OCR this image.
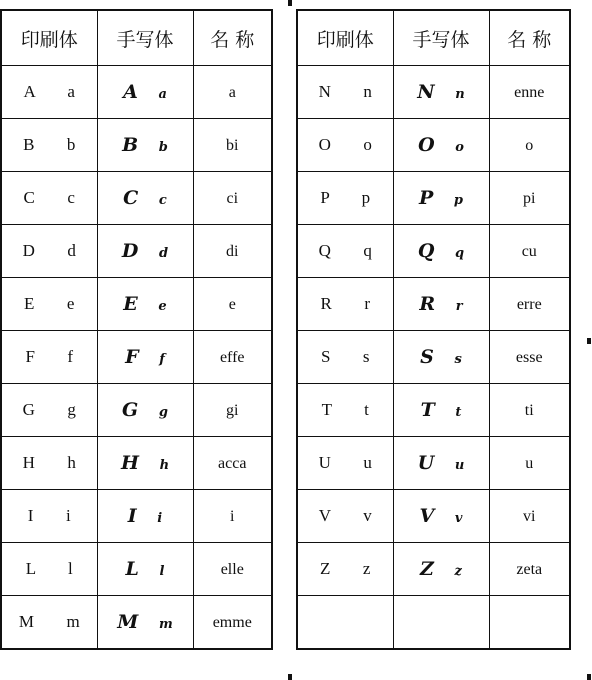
印刷体	手写体	名 称
A  a	A a	a
B  b	B b	bi
C  c	C c	ci
D  d	D d	di
E  e	E e	e
F  f	F f	effe
G  g	G g	gi
H  h	H h	acca
I  i	I i	i
L  l	L l	elle
M  m	M m	emme
印刷体	手写体	名 称
N  n	N n	enne
O  o	O o	o
P  p	P p	pi
Q  q	Q q	cu
R  r	R r	erre
S  s	S s	esse
T  t	T t	ti
U  u	U u	u
V  v	V v	vi
Z  z	Z z	zeta
